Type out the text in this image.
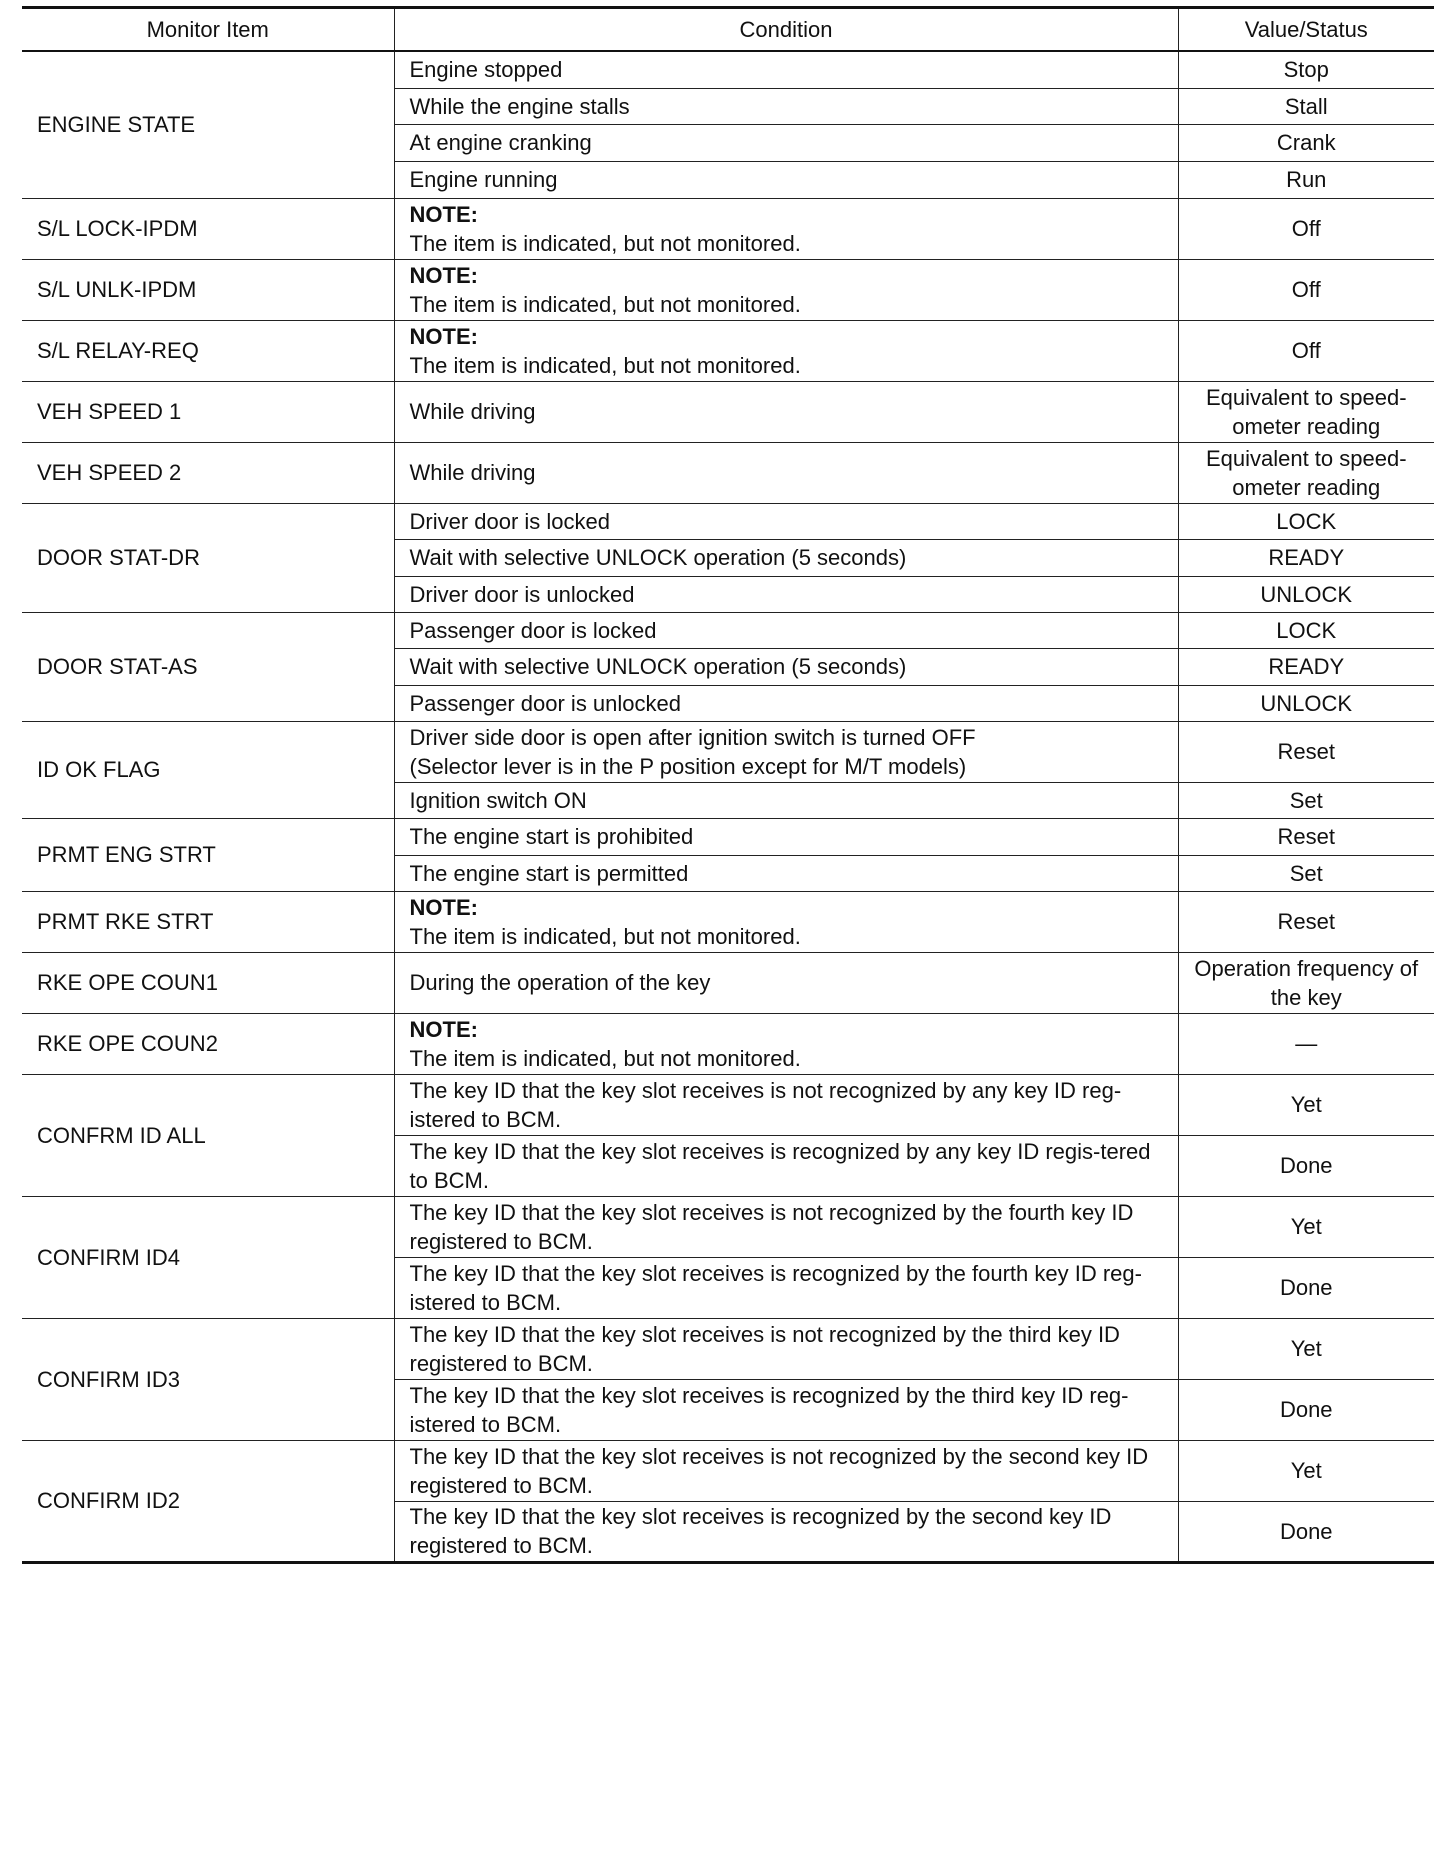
Monitor Item	Condition	Value/Status
ENGINE STATE	Engine stopped	Stop

	While the engine stalls	Stall

	At engine cranking	Crank

	Engine running	Run
S/L LOCK-IPDM	NOTE:
The item is indicated, but not monitored.	Off
S/L UNLK-IPDM	NOTE:
The item is indicated, but not monitored.	Off
S/L RELAY-REQ	NOTE:
The item is indicated, but not monitored.	Off
VEH SPEED 1	While driving	Equivalent to speed-ometer reading
VEH SPEED 2	While driving	Equivalent to speed-ometer reading
DOOR STAT-DR	Driver door is locked	LOCK

	Wait with selective UNLOCK operation (5 seconds)	READY

	Driver door is unlocked	UNLOCK
DOOR STAT-AS	Passenger door is locked	LOCK

	Wait with selective UNLOCK operation (5 seconds)	READY

	Passenger door is unlocked	UNLOCK
ID OK FLAG	Driver side door is open after ignition switch is turned OFF
(Selector lever is in the P position except for M/T models)	Reset

	Ignition switch ON	Set
PRMT ENG STRT	The engine start is prohibited	Reset

	The engine start is permitted	Set
PRMT RKE STRT	NOTE:
The item is indicated, but not monitored.	Reset
RKE OPE COUN1	During the operation of the key	Operation frequency of the key
RKE OPE COUN2	NOTE:
The item is indicated, but not monitored.	—
CONFRM ID ALL	The key ID that the key slot receives is not recognized by any key ID reg-istered to BCM.	Yet

	The key ID that the key slot receives is recognized by any key ID regis-tered to BCM.	Done
CONFIRM ID4	The key ID that the key slot receives is not recognized by the fourth key ID registered to BCM.	Yet

	The key ID that the key slot receives is recognized by the fourth key ID reg-istered to BCM.	Done
CONFIRM ID3	The key ID that the key slot receives is not recognized by the third key ID registered to BCM.	Yet

	The key ID that the key slot receives is recognized by the third key ID reg-istered to BCM.	Done
CONFIRM ID2	The key ID that the key slot receives is not recognized by the second key ID registered to BCM.	Yet

	The key ID that the key slot receives is recognized by the second key ID registered to BCM.	Done
